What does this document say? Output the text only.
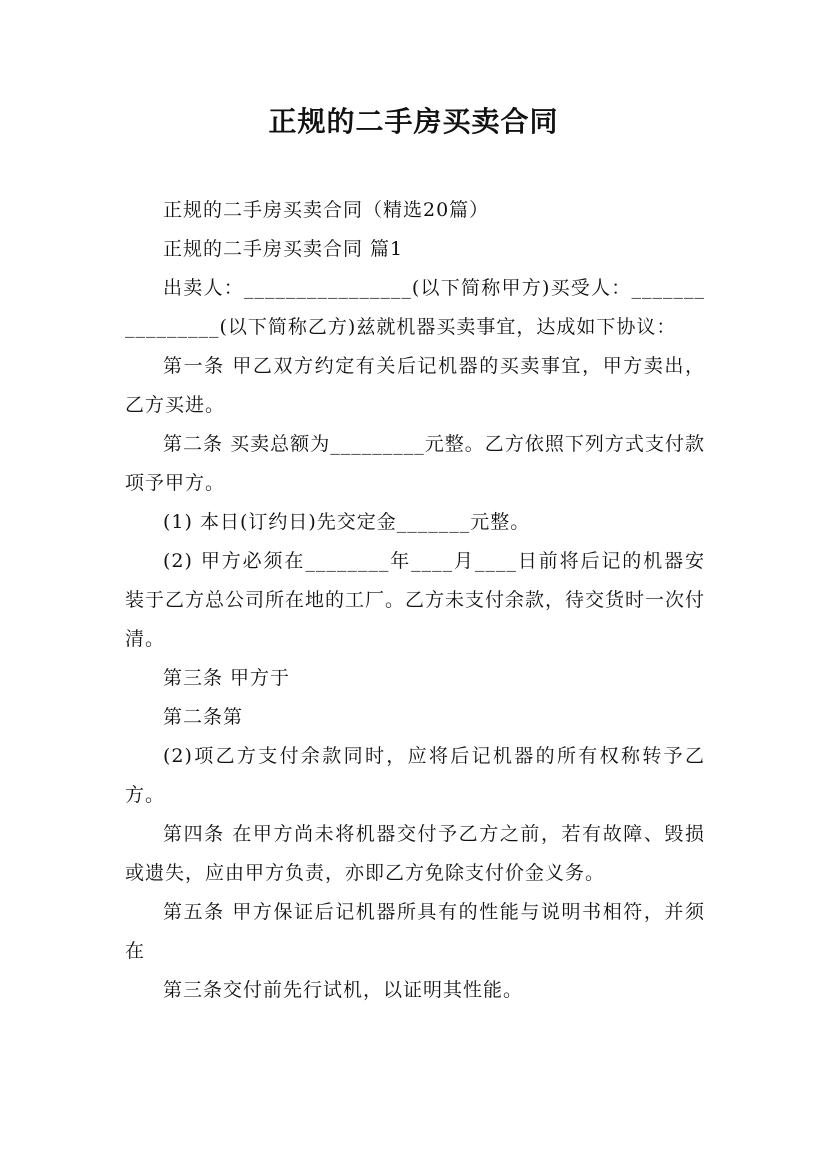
正规的二手房买卖合同

正规的二手房买卖合同（精选20篇）

正规的二手房买卖合同 篇1

出卖人：________________(以下简称甲方)买受人：________________(以下简称乙方)兹就机器买卖事宜，达成如下协议：

第一条 甲乙双方约定有关后记机器的买卖事宜，甲方卖出，乙方买进。

第二条 买卖总额为_________元整。乙方依照下列方式支付款项予甲方。

(1) 本日(订约日)先交定金_______元整。

(2) 甲方必须在________年____月____日前将后记的机器安装于乙方总公司所在地的工厂。乙方未支付余款，待交货时一次付清。

第三条 甲方于

第二条第

(2)项乙方支付余款同时，应将后记机器的所有权称转予乙方。

第四条 在甲方尚未将机器交付予乙方之前，若有故障、毁损或遗失，应由甲方负责，亦即乙方免除支付价金义务。

第五条 甲方保证后记机器所具有的性能与说明书相符，并须在

第三条交付前先行试机，以证明其性能。
